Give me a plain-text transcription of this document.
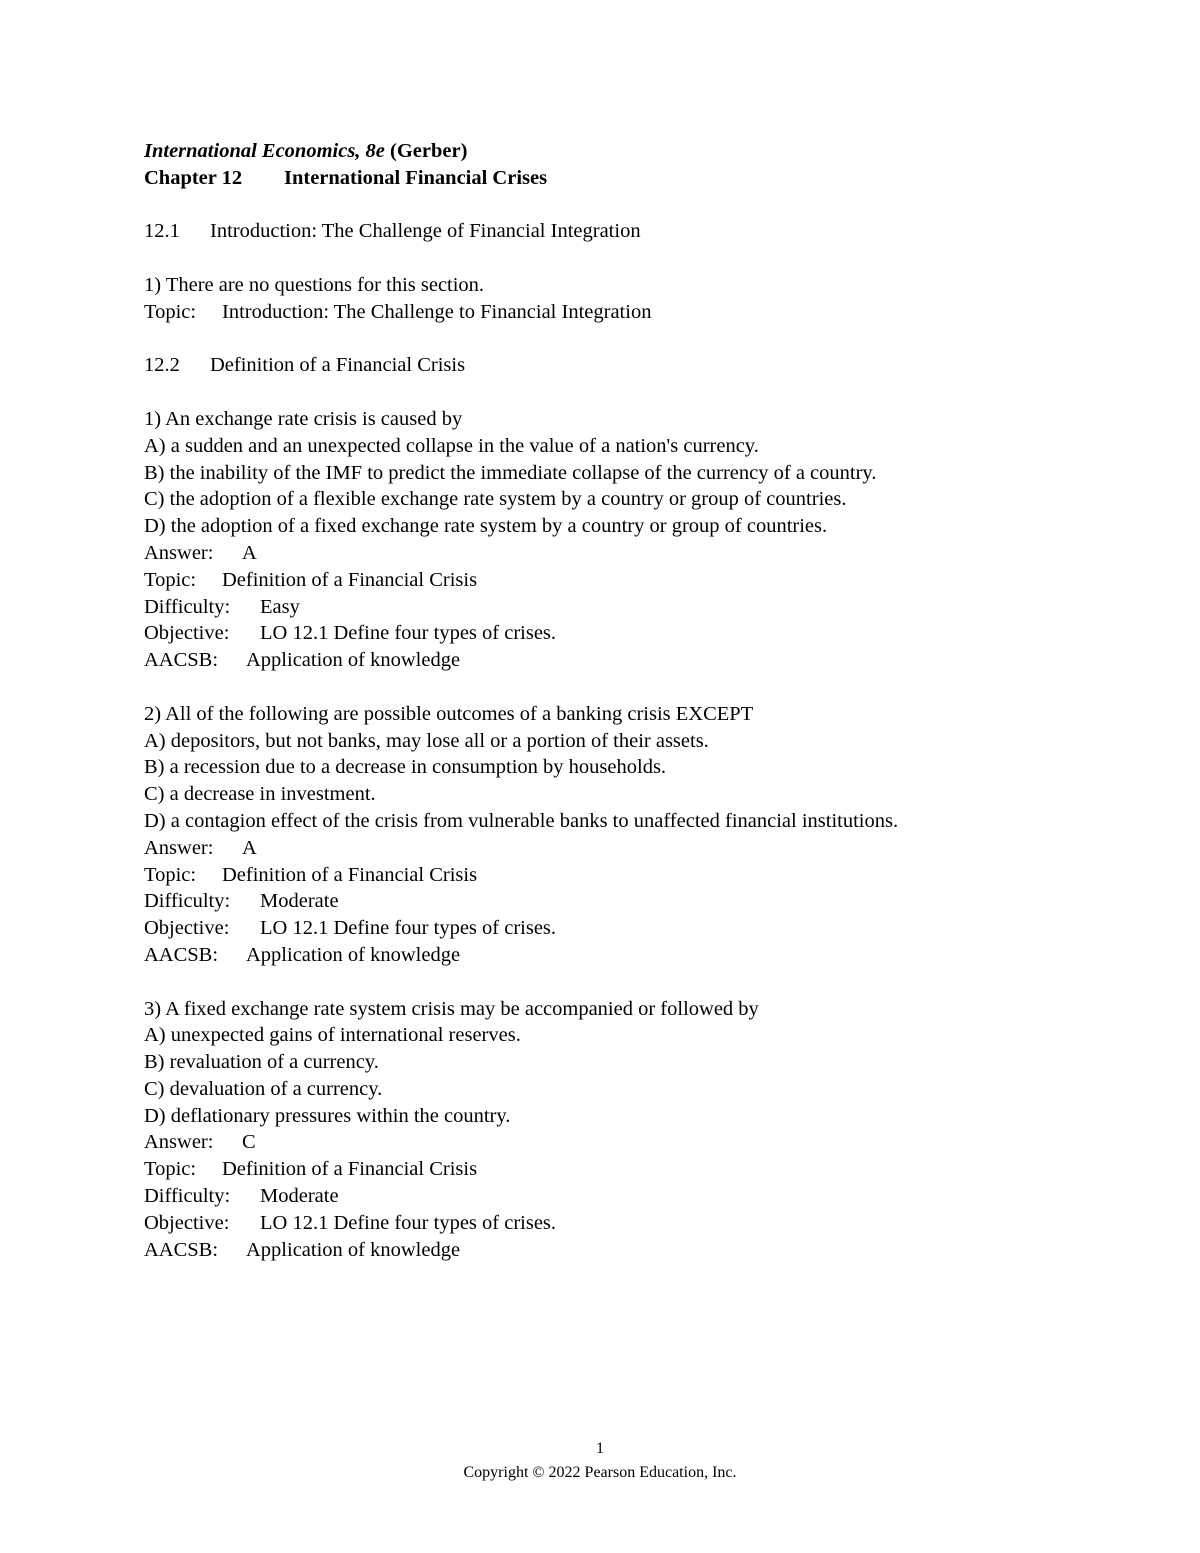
International Economics, 8e (Gerber)
Chapter 12 International Financial Crises
12.1 Introduction: The Challenge of Financial Integration
1) There are no questions for this section.
Topic: Introduction: The Challenge to Financial Integration
12.2 Definition of a Financial Crisis
1) An exchange rate crisis is caused by
A) a sudden and an unexpected collapse in the value of a nation's currency.
B) the inability of the IMF to predict the immediate collapse of the currency of a country.
C) the adoption of a flexible exchange rate system by a country or group of countries.
D) the adoption of a fixed exchange rate system by a country or group of countries.
Answer: A
Topic: Definition of a Financial Crisis
Difficulty: Easy
Objective: LO 12.1 Define four types of crises.
AACSB: Application of knowledge
2) All of the following are possible outcomes of a banking crisis EXCEPT
A) depositors, but not banks, may lose all or a portion of their assets.
B) a recession due to a decrease in consumption by households.
C) a decrease in investment.
D) a contagion effect of the crisis from vulnerable banks to unaffected financial institutions.
Answer: A
Topic: Definition of a Financial Crisis
Difficulty: Moderate
Objective: LO 12.1 Define four types of crises.
AACSB: Application of knowledge
3) A fixed exchange rate system crisis may be accompanied or followed by
A) unexpected gains of international reserves.
B) revaluation of a currency.
C) devaluation of a currency.
D) deflationary pressures within the country.
Answer: C
Topic: Definition of a Financial Crisis
Difficulty: Moderate
Objective: LO 12.1 Define four types of crises.
AACSB: Application of knowledge
1
Copyright © 2022 Pearson Education, Inc.
